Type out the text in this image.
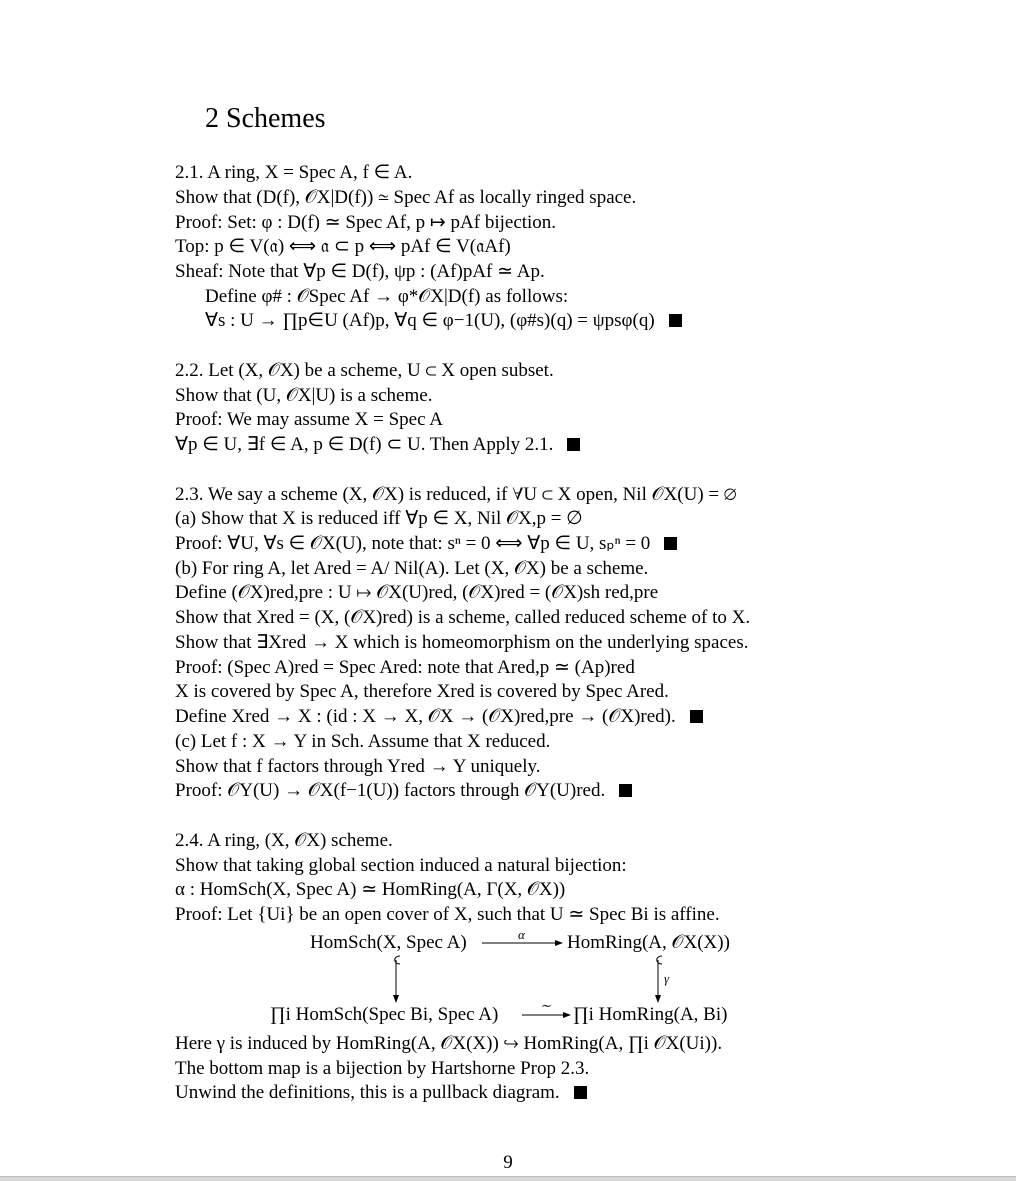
2 Schemes
2.1. A ring, X = Spec A, f ∈ A.
Show that (D(f), 𝒪X|D(f)) ≃ Spec Af as locally ringed space.
Proof: Set: φ : D(f) ≃ Spec Af, p ↦ pAf bijection.
Top: p ∈ V(𝔞) ⟺ 𝔞 ⊂ p ⟺ pAf ∈ V(𝔞Af)
Sheaf: Note that ∀p ∈ D(f), ψp : (Af)pAf ≃ Ap.
Define φ# : 𝒪Spec Af → φ*𝒪X|D(f) as follows:
∀s : U → ∏p∈U (Af)p, ∀q ∈ φ−1(U), (φ#s)(q) = ψpsφ(q)
2.2. Let (X, 𝒪X) be a scheme, U ⊂ X open subset.
Show that (U, 𝒪X|U) is a scheme.
Proof: We may assume X = Spec A
∀p ∈ U, ∃f ∈ A, p ∈ D(f) ⊂ U. Then Apply 2.1.
2.3. We say a scheme (X, 𝒪X) is reduced, if ∀U ⊂ X open, Nil 𝒪X(U) = ∅
(a) Show that X is reduced iff ∀p ∈ X, Nil 𝒪X,p = ∅
Proof: ∀U, ∀s ∈ 𝒪X(U), note that: sⁿ = 0 ⟺ ∀p ∈ U, sₚⁿ = 0
(b) For ring A, let Ared = A/ Nil(A). Let (X, 𝒪X) be a scheme.
Define (𝒪X)red,pre : U ↦ 𝒪X(U)red, (𝒪X)red = (𝒪X)sh red,pre
Show that Xred = (X, (𝒪X)red) is a scheme, called reduced scheme of to X.
Show that ∃Xred → X which is homeomorphism on the underlying spaces.
Proof: (Spec A)red = Spec Ared: note that Ared,p ≃ (Ap)red
X is covered by Spec A, therefore Xred is covered by Spec Ared.
Define Xred → X : (id : X → X, 𝒪X → (𝒪X)red,pre → (𝒪X)red).
(c) Let f : X → Y in Sch. Assume that X reduced.
Show that f factors through Yred → Y uniquely.
Proof: 𝒪Y(U) → 𝒪X(f−1(U)) factors through 𝒪Y(U)red.
2.4. A ring, (X, 𝒪X) scheme.
Show that taking global section induced a natural bijection:
α : HomSch(X, Spec A) ≃ HomRing(A, Γ(X, 𝒪X))
Proof: Let {Ui} be an open cover of X, such that U ≃ Spec Bi is affine.
HomSch(X, Spec A)	HomRing(A, 𝒪X(X))
∏i HomSch(Spec Bi, Spec A)	∏i HomRing(A, Bi)
α
γ
∼
Here γ is induced by HomRing(A, 𝒪X(X)) ↪ HomRing(A, ∏i 𝒪X(Ui)).
The bottom map is a bijection by Hartshorne Prop 2.3.
Unwind the definitions, this is a pullback diagram.
9
